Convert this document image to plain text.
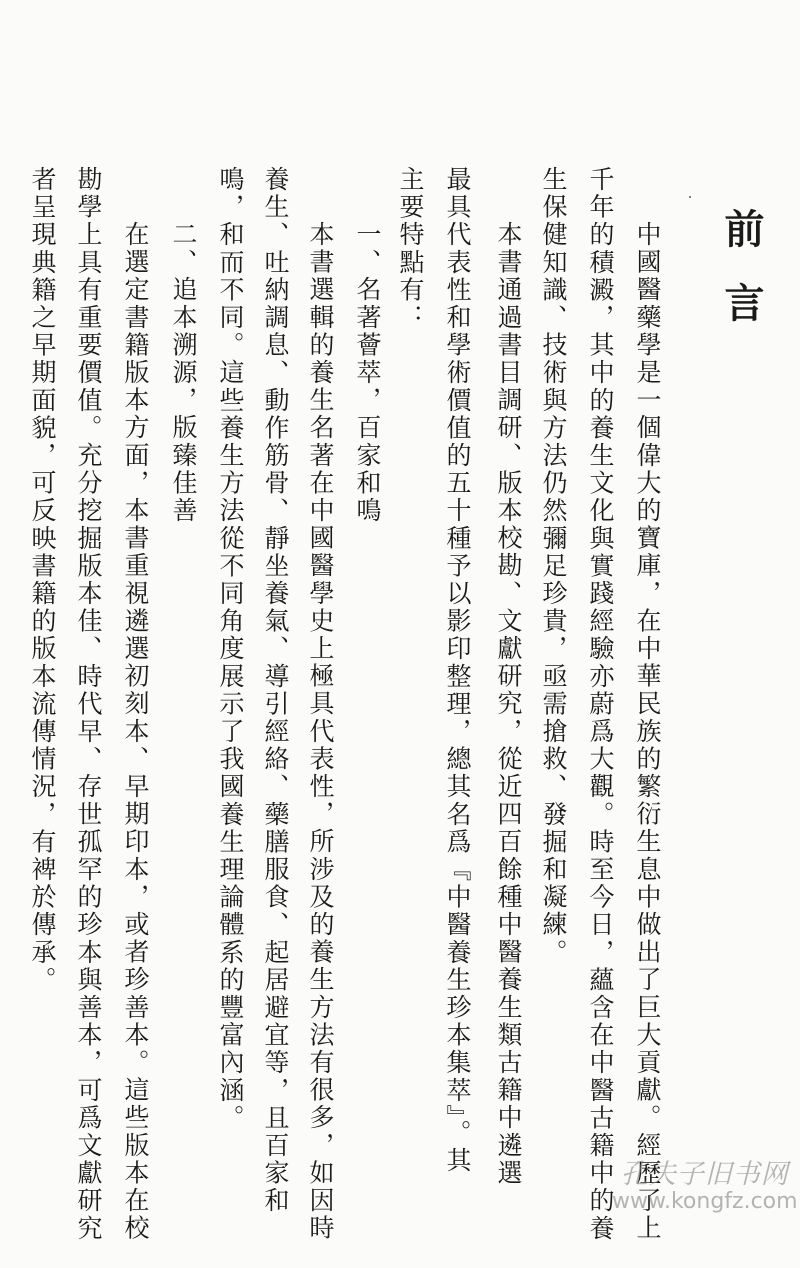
前言
中國醫藥學是一個偉大的寶庫，在中華民族的繁衍生息中做出了巨大貢獻。經歷了上
千年的積澱，其中的養生文化與實踐經驗亦蔚爲大觀。時至今日，蘊含在中醫古籍中的養
生保健知識、技術與方法仍然彌足珍貴，亟需搶救、發掘和凝練。
本書通過書目調研、版本校勘、文獻研究，從近四百餘種中醫養生類古籍中遴選
最具代表性和學術價值的五十種予以影印整理，總其名爲『中醫養生珍本集萃』。其
主要特點有：
一、名著薈萃，百家和鳴
本書選輯的養生名著在中國醫學史上極具代表性，所涉及的養生方法有很多，如因時
養生、吐納調息、動作筋骨、靜坐養氣、導引經絡、藥膳服食、起居避宜等，且百家和
鳴，和而不同。這些養生方法從不同角度展示了我國養生理論體系的豐富內涵。
二、追本溯源，版臻佳善
在選定書籍版本方面，本書重視遴選初刻本、早期印本，或者珍善本。這些版本在校
勘學上具有重要價值。充分挖掘版本佳、時代早、存世孤罕的珍本與善本，可爲文獻研究
者呈現典籍之早期面貌，可反映書籍的版本流傳情況，有裨於傳承。
孔夫子旧书网
www.kongfz.com
